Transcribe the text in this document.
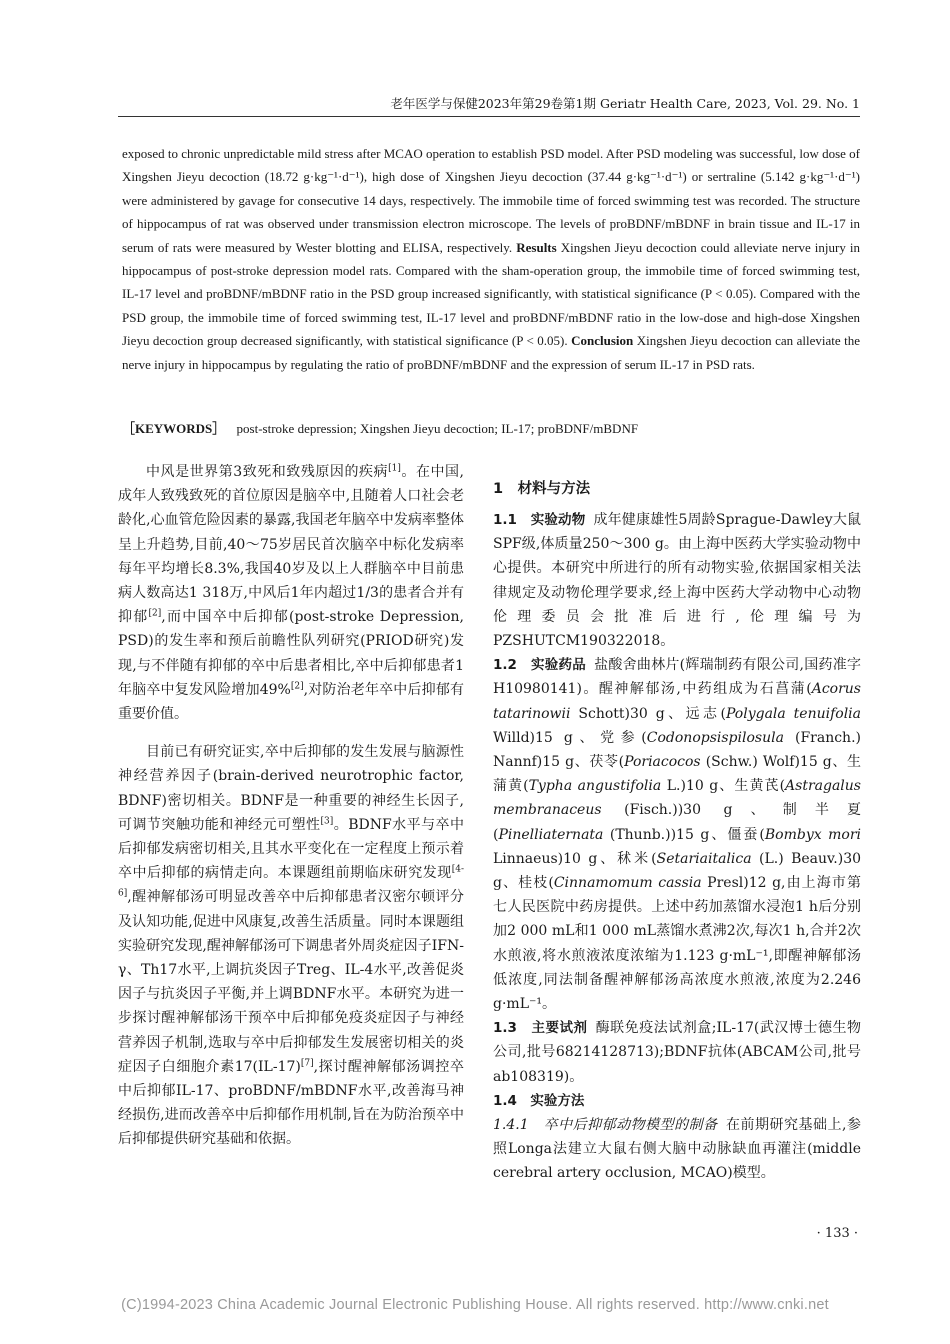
老年医学与保健2023年第29卷第1期 Geriatr Health Care, 2023, Vol. 29. No. 1
exposed to chronic unpredictable mild stress after MCAO operation to establish PSD model. After PSD modeling was successful, low dose of Xingshen Jieyu decoction (18.72 g·kg⁻¹·d⁻¹), high dose of Xingshen Jieyu decoction (37.44 g·kg⁻¹·d⁻¹) or sertraline (5.142 g·kg⁻¹·d⁻¹) were administered by gavage for consecutive 14 days, respectively. The immobile time of forced swimming test was recorded. The structure of hippocampus of rat was observed under transmission electron microscope. The levels of proBDNF/mBDNF in brain tissue and IL-17 in serum of rats were measured by Wester blotting and ELISA, respectively. Results Xingshen Jieyu decoction could alleviate nerve injury in hippocampus of post-stroke depression model rats. Compared with the sham-operation group, the immobile time of forced swimming test, IL-17 level and proBDNF/mBDNF ratio in the PSD group increased significantly, with statistical significance (P < 0.05). Compared with the PSD group, the immobile time of forced swimming test, IL-17 level and proBDNF/mBDNF ratio in the low-dose and high-dose Xingshen Jieyu decoction group decreased significantly, with statistical significance (P < 0.05). Conclusion Xingshen Jieyu decoction can alleviate the nerve injury in hippocampus by regulating the ratio of proBDNF/mBDNF and the expression of serum IL-17 in PSD rats.
［KEYWORDS］ post-stroke depression; Xingshen Jieyu decoction; IL-17; proBDNF/mBDNF

中风是世界第3致死和致残原因的疾病[1]。在中国,成年人致残致死的首位原因是脑卒中,且随着人口社会老龄化,心血管危险因素的暴露,我国老年脑卒中发病率整体呈上升趋势,目前,40～75岁居民首次脑卒中标化发病率每年平均增长8.3%,我国40岁及以上人群脑卒中目前患病人数高达1 318万,中风后1年内超过1/3的患者合并有抑郁[2],而中国卒中后抑郁(post-stroke Depression, PSD)的发生率和预后前瞻性队列研究(PRIOD研究)发现,与不伴随有抑郁的卒中后患者相比,卒中后抑郁患者1年脑卒中复发风险增加49%[2],对防治老年卒中后抑郁有重要价值。

目前已有研究证实,卒中后抑郁的发生发展与脑源性神经营养因子(brain-derived neurotrophic factor, BDNF)密切相关。BDNF是一种重要的神经生长因子,可调节突触功能和神经元可塑性[3]。BDNF水平与卒中后抑郁发病密切相关,且其水平变化在一定程度上预示着卒中后抑郁的病情走向。本课题组前期临床研究发现[4-6],醒神解郁汤可明显改善卒中后抑郁患者汉密尔顿评分及认知功能,促进中风康复,改善生活质量。同时本课题组实验研究发现,醒神解郁汤可下调患者外周炎症因子IFN-γ、Th17水平,上调抗炎因子Treg、IL-4水平,改善促炎因子与抗炎因子平衡,并上调BDNF水平。本研究为进一步探讨醒神解郁汤干预卒中后抑郁免疫炎症因子与神经营养因子机制,选取与卒中后抑郁发生发展密切相关的炎症因子白细胞介素17(IL-17)[7],探讨醒神解郁汤调控卒中后抑郁IL-17、proBDNF/mBDNF水平,改善海马神经损伤,进而改善卒中后抑郁作用机制,旨在为防治预卒中后抑郁提供研究基础和依据。

1　材料与方法

1.1　实验动物 成年健康雄性5周龄Sprague-Dawley大鼠SPF级,体质量250～300 g。由上海中医药大学实验动物中心提供。本研究中所进行的所有动物实验,依据国家相关法律规定及动物伦理学要求,经上海中医药大学动物中心动物伦理委员会批准后进行,伦理编号为PZSHUTCM190322018。

1.2　实验药品 盐酸舍曲林片(辉瑞制药有限公司,国药准字H10980141)。醒神解郁汤,中药组成为石菖蒲(Acorus tatarinowii Schott)30 g、远志(Polygala tenuifolia Willd)15 g、党参(Codonopsispilosula (Franch.) Nannf)15 g、茯苓(Poriacocos (Schw.) Wolf)15 g、生蒲黄(Typha angustifolia L.)10 g、生黄芪(Astragalus membranaceus (Fisch.))30 g、制半夏(Pinelliaternata (Thunb.))15 g、僵蚕(Bombyx mori Linnaeus)10 g、秫米(Setariaitalica (L.) Beauv.)30 g、桂枝(Cinnamomum cassia Presl)12 g,由上海市第七人民医院中药房提供。上述中药加蒸馏水浸泡1 h后分别加2 000 mL和1 000 mL蒸馏水煮沸2次,每次1 h,合并2次水煎液,将水煎液浓度浓缩为1.123 g·mL⁻¹,即醒神解郁汤低浓度,同法制备醒神解郁汤高浓度水煎液,浓度为2.246 g·mL⁻¹。

1.3　主要试剂 酶联免疫法试剂盒;IL-17(武汉博士德生物公司,批号68214128713);BDNF抗体(ABCAM公司,批号ab108319)。

1.4　实验方法

1.4.1　卒中后抑郁动物模型的制备 在前期研究基础上,参照Longa法建立大鼠右侧大脑中动脉缺血再灌注(middle cerebral artery occlusion, MCAO)模型。

· 133 ·
(C)1994-2023 China Academic Journal Electronic Publishing House. All rights reserved. http://www.cnki.net
